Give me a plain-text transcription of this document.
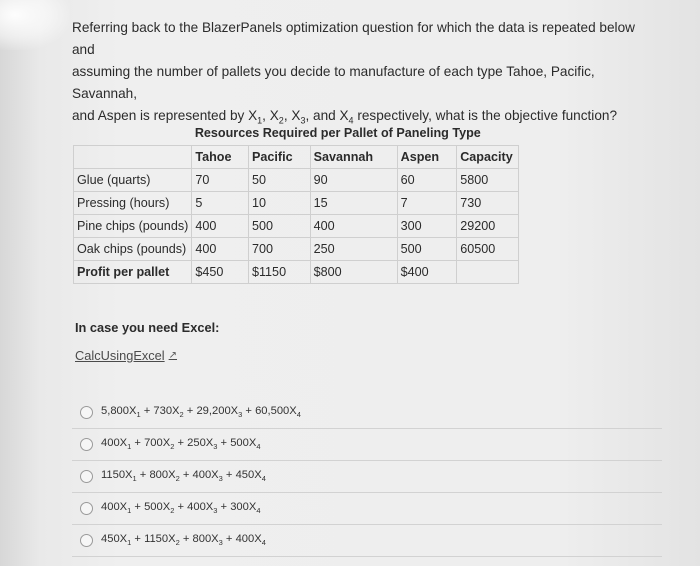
Referring back to the BlazerPanels optimization question for which the data is repeated below and
assuming the number of pallets you decide to manufacture of each type Tahoe, Pacific, Savannah,
and Aspen is represented by $X_1$, $X_2$, $X_3$, and $X_4$ respectively, what is the objective function?
	Resources Required per Pallet of Paneling Type				
	Tahoe	Pacific	Savannah	Aspen	Capacity
Glue (quarts)	70	50	90	60	5800
Pressing (hours)	5	10	15	7	730
Pine chips (pounds)	400	500	400	300	29200
Oak chips (pounds)	400	700	250	500	60500
Profit per pallet	$450	$1150	$800	$400	
In case you need Excel:
CalcUsingExcel ↗
$5,800X_1 + 730X_2 + 29,200X_3 + 60,500X_4$
$400X_1 + 700X_2 + 250X_3 + 500X_4$
$1150X_1 + 800X_2 + 400X_3 + 450X_4$
$400X_1 + 500X_2 + 400X_3 + 300X_4$
$450X_1 + 1150X_2 + 800X_3 + 400X_4$
